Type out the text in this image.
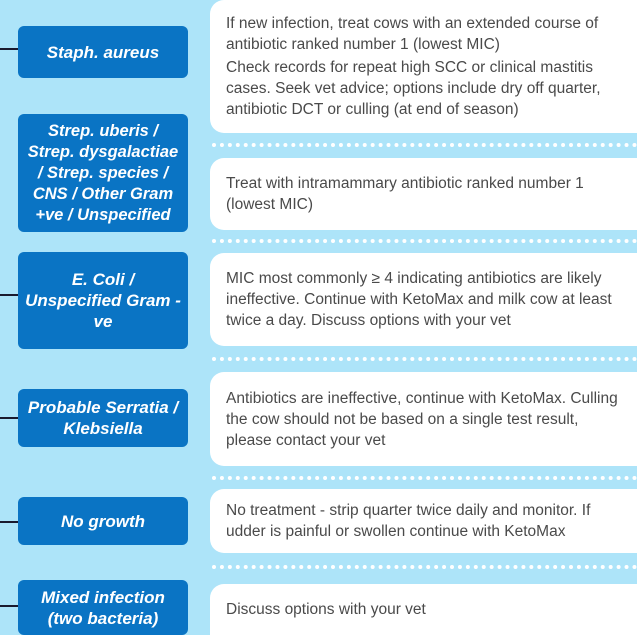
Staph. aureus

If new infection, treat cows with an extended course of antibiotic ranked number 1 (lowest MIC)

Check records for repeat high SCC or clinical mastitis cases. Seek vet advice; options include dry off quarter, antibiotic DCT or culling (at end of season)

Strep. uberis / Strep. dysgalactiae / Strep. species / CNS / Other Gram +ve / Unspecified

Treat with intramammary antibiotic ranked number 1 (lowest MIC)

E. Coli / Unspecified Gram -ve

MIC most commonly ≥ 4 indicating antibiotics are likely ineffective. Continue with KetoMax and milk cow at least twice a day. Discuss options with your vet

Probable Serratia / Klebsiella

Antibiotics are ineffective, continue with KetoMax. Culling the cow should not be based on a single test result, please contact your vet

No growth

No treatment - strip quarter twice daily and monitor. If udder is painful or swollen continue with KetoMax

Mixed infection (two bacteria)	Discuss options with your vet
